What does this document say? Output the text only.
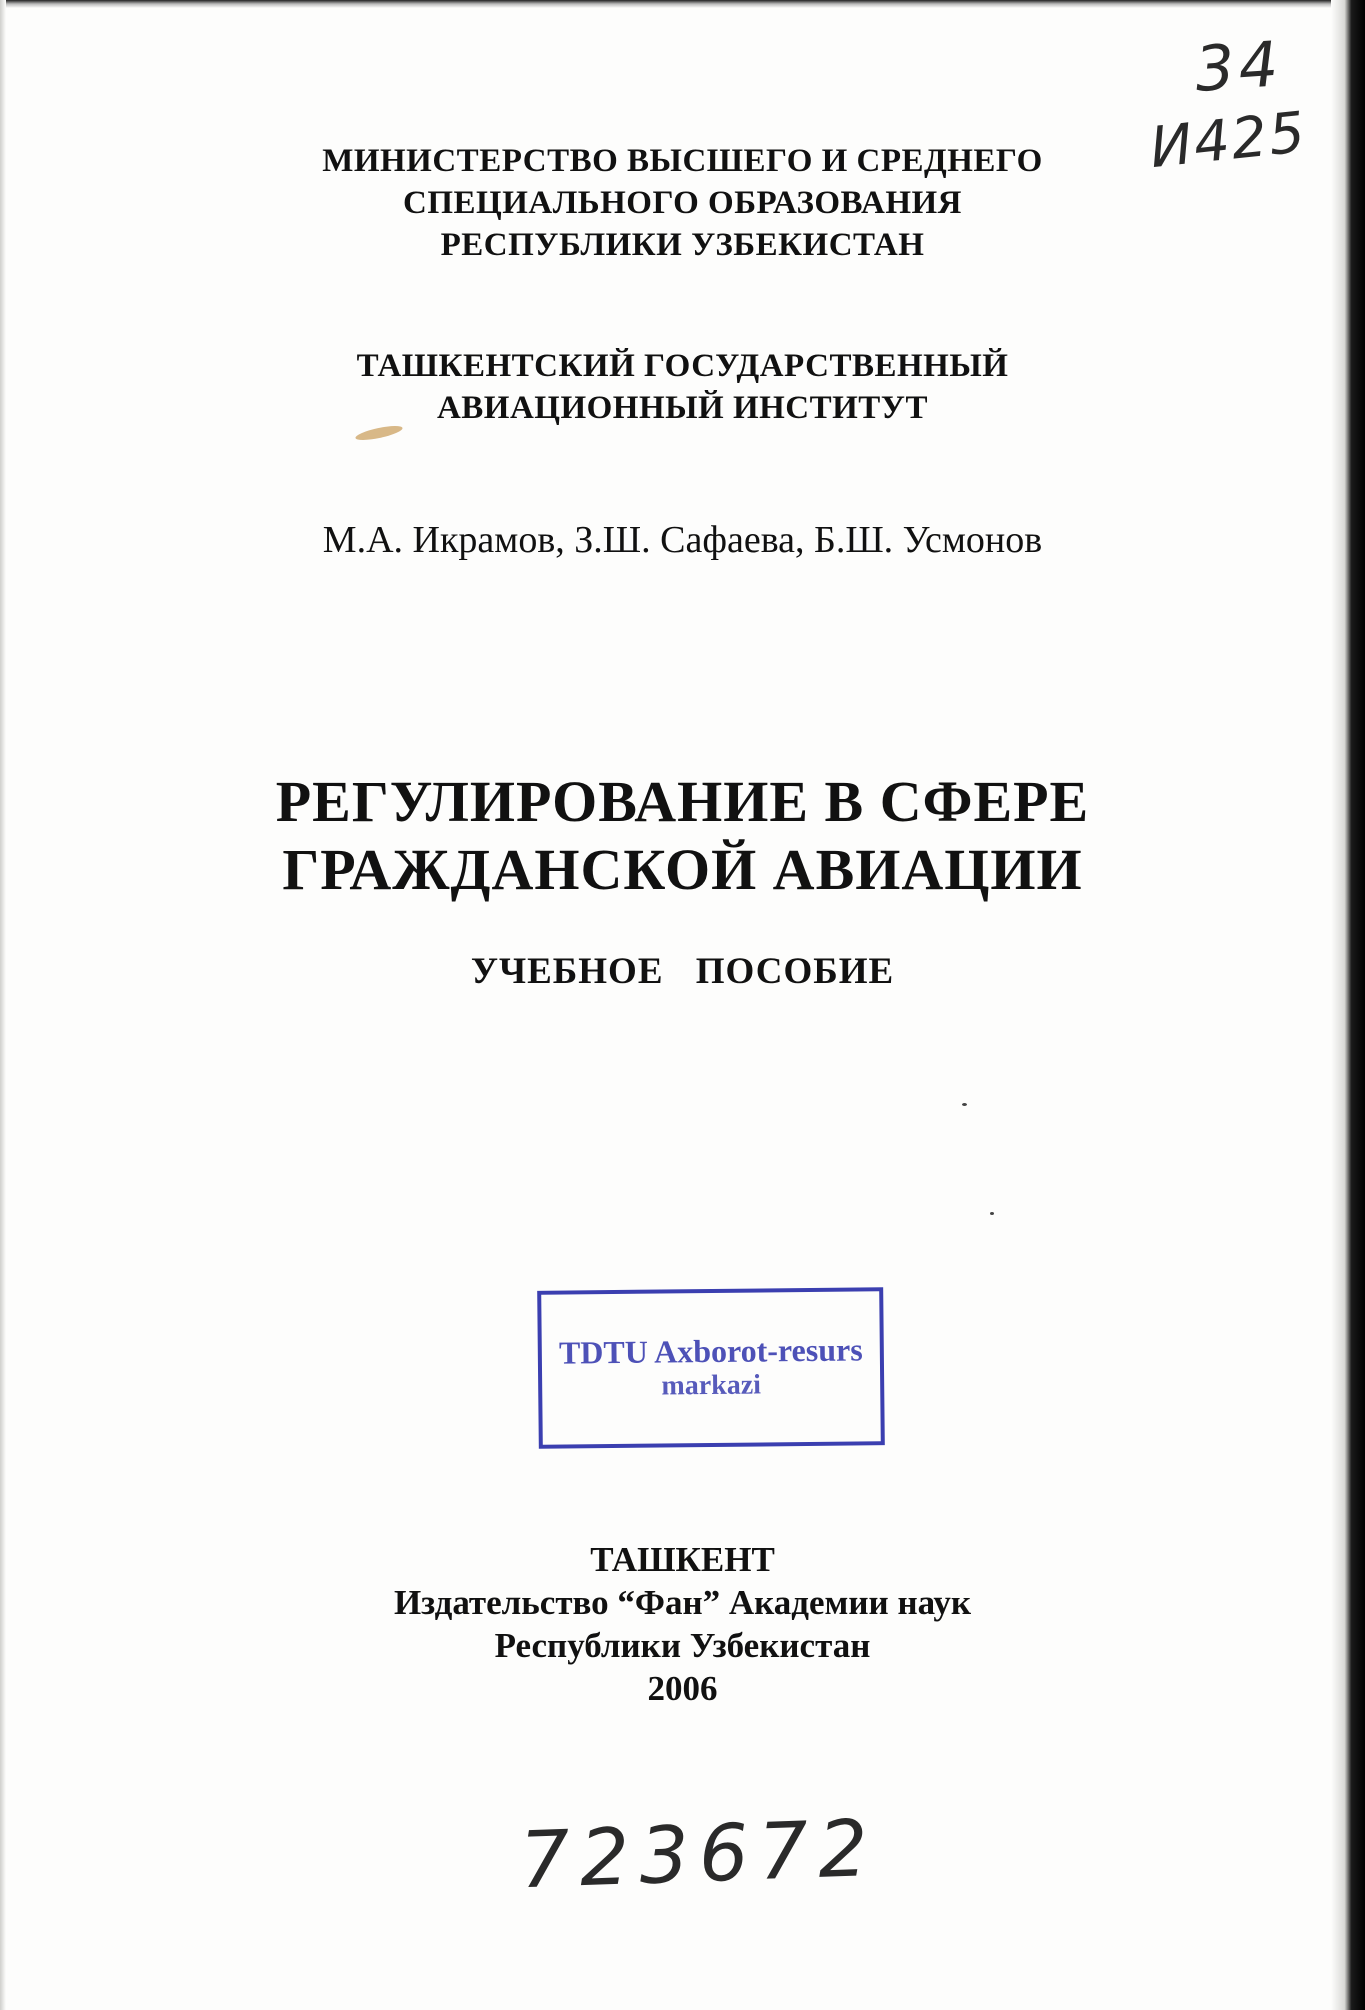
34
И425
МИНИСТЕРСТВО ВЫСШЕГО И СРЕДНЕГО
СПЕЦИАЛЬНОГО ОБРАЗОВАНИЯ
РЕСПУБЛИКИ УЗБЕКИСТАН
ТАШКЕНТСКИЙ ГОСУДАРСТВЕННЫЙ
АВИАЦИОННЫЙ ИНСТИТУТ
М.А. Икрамов, З.Ш. Сафаева, Б.Ш. Усмонов
РЕГУЛИРОВАНИЕ В СФЕРЕ
ГРАЖДАНСКОЙ АВИАЦИИ
УЧЕБНОЕ ПОСОБИЕ
TDTU Axborot-resurs
markazi
ТАШКЕНТ
Издательство “Фан” Академии наук
Республики Узбекистан
2006
723672
